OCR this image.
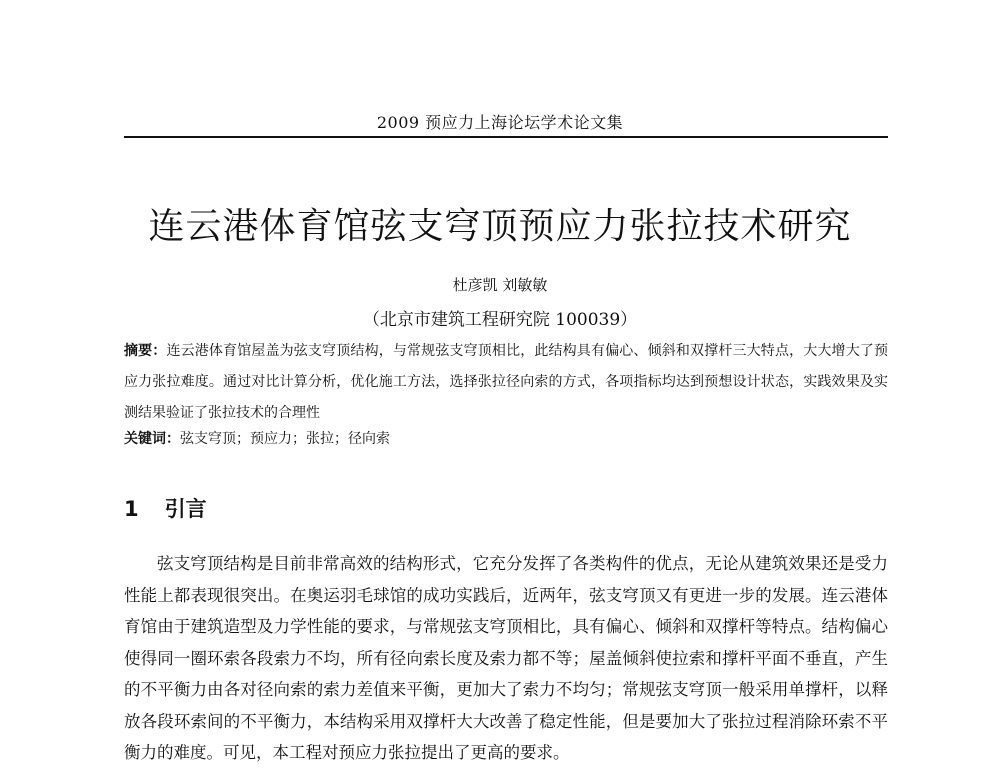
2009 预应力上海论坛学术论文集
连云港体育馆弦支穹顶预应力张拉技术研究
杜彦凯 刘敏敏
（北京市建筑工程研究院 100039）
摘要：连云港体育馆屋盖为弦支穹顶结构，与常规弦支穹顶相比，此结构具有偏心、倾斜和双撑杆三大特点，大大增大了预应力张拉难度。通过对比计算分析，优化施工方法，选择张拉径向索的方式，各项指标均达到预想设计状态，实践效果及实测结果验证了张拉技术的合理性
关键词：弦支穹顶；预应力；张拉；径向索
1 引言

弦支穹顶结构是目前非常高效的结构形式，它充分发挥了各类构件的优点，无论从建筑效果还是受力性能上都表现很突出。在奥运羽毛球馆的成功实践后，近两年，弦支穹顶又有更进一步的发展。连云港体育馆由于建筑造型及力学性能的要求，与常规弦支穹顶相比，具有偏心、倾斜和双撑杆等特点。结构偏心使得同一圈环索各段索力不均，所有径向索长度及索力都不等；屋盖倾斜使拉索和撑杆平面不垂直，产生的不平衡力由各对径向索的索力差值来平衡，更加大了索力不均匀；常规弦支穹顶一般采用单撑杆，以释放各段环索间的不平衡力，本结构采用双撑杆大大改善了稳定性能，但是要加大了张拉过程消除环索不平衡力的难度。可见，本工程对预应力张拉提出了更高的要求。
